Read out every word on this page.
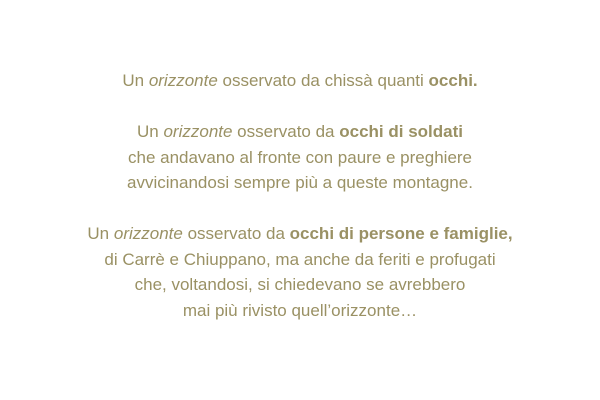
Un orizzonte osservato da chissà quanti occhi.
Un orizzonte osservato da occhi di soldati
che andavano al fronte con paure e preghiere
avvicinandosi sempre più a queste montagne.
Un orizzonte osservato da occhi di persone e famiglie,
di Carrè e Chiuppano, ma anche da feriti e profugati
che, voltandosi, si chiedevano se avrebbero
mai più rivisto quell’orizzonte…
